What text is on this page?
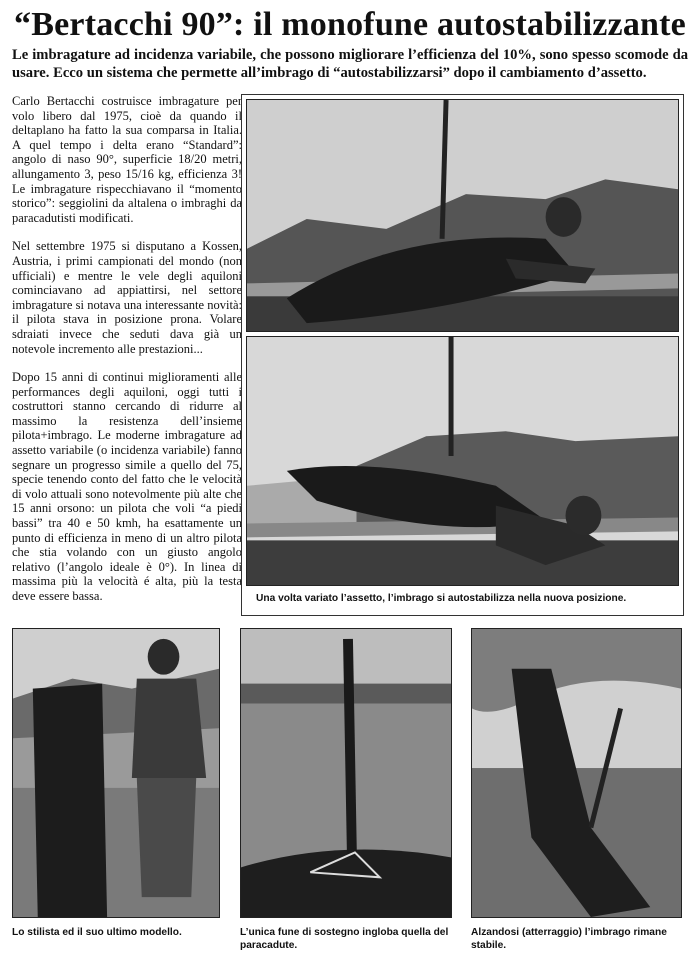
“Bertacchi 90”: il monofune autostabilizzante
Le imbragature ad incidenza variabile, che possono migliorare l’efficienza del 10%, sono spesso scomode da usare. Ecco un sistema che permette all’imbrago di “autostabilizzarsi” dopo il cambiamento d’assetto.

Carlo Bertacchi costruisce imbragature per volo libero dal 1975, cioè da quando il deltaplano ha fatto la sua comparsa in Italia. A quel tempo i delta erano “Standard”: angolo di naso 90°, superficie 18/20 metri, allungamento 3, peso 15/16 kg, efficienza 3! Le imbragature rispecchiavano il “momento storico”: seggiolini da altalena o imbraghi da paracadutisti modificati.

Nel settembre 1975 si disputano a Kossen, Austria, i primi campionati del mondo (non ufficiali) e mentre le vele degli aquiloni cominciavano ad appiattirsi, nel settore imbragature si notava una interessante novità: il pilota stava in posizione prona. Volare sdraiati invece che seduti dava già un notevole incremento alle prestazioni...

Dopo 15 anni di continui miglioramenti alle performances degli aquiloni, oggi tutti i costruttori stanno cercando di ridurre al massimo la resistenza dell’insieme pilota+imbrago. Le moderne imbragature ad assetto variabile (o incidenza variabile) fanno segnare un progresso simile a quello del 75, specie tenendo conto del fatto che le velocità di volo attuali sono notevolmente più alte che 15 anni orsono: un pilota che voli “a piedi bassi” tra 40 e 50 kmh, ha esattamente un punto di efficienza in meno di un altro pilota che stia volando con un giusto angolo relativo (l’angolo ideale è 0°). In linea di massima più la velocità é alta, più la testa deve essere bassa.	Una volta variato l’assetto, l’imbrago si autostabilizza nella nuova posizione.
Lo stilista ed il suo ultimo modello.	L’unica fune di sostegno ingloba quella del paracadute.
Alzandosi (atterraggio) l’imbrago rimane stabile.
